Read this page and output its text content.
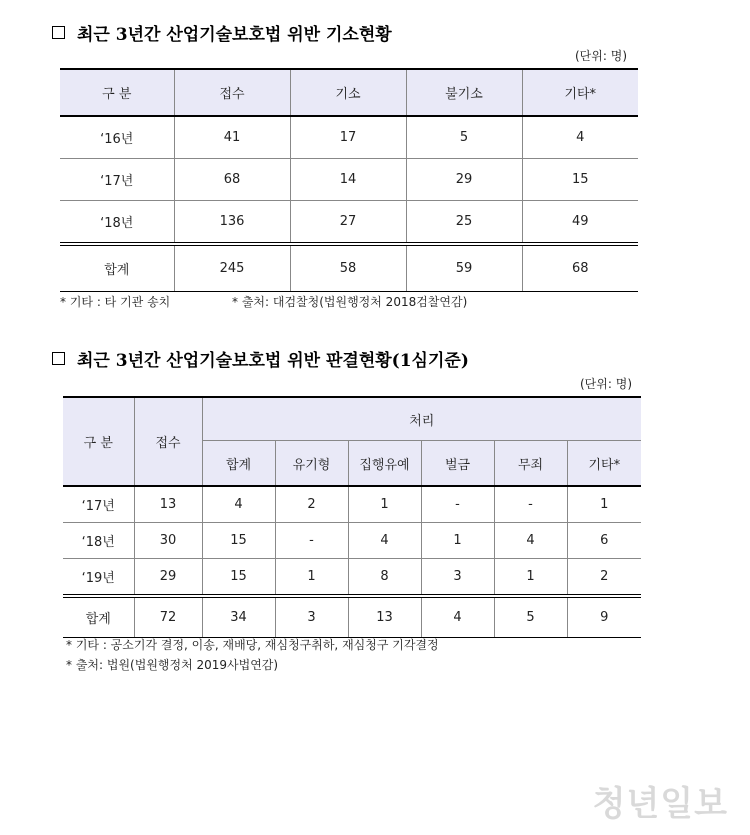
최근 3년간 산업기술보호법 위반 기소현황
(단위: 명)
구 분	접수	기소	불기소	기타*
‘16년	41	17	5	4
‘17년	68	14	29	15
‘18년	136	27	25	49
합계	245	58	59	68
* 기타 : 타 기관 송치	* 출처: 대검찰청(법원행정처 2018검찰연감)
최근 3년간 산업기술보호법 위반 판결현황(1심기준)
(단위: 명)
구 분	접수	처리					
		합계	유기형	집행유예	벌금	무죄	기타*
‘17년	13	4	2	1	-	-	1
‘18년	30	15	-	4	1	4	6
‘19년	29	15	1	8	3	1	2
합계	72	34	3	13	4	5	9
* 기타 : 공소기각 결정, 이송, 재배당, 재심청구취하, 재심청구 기각결정
* 출처: 법원(법원행정처 2019사법연감)
청년일보
